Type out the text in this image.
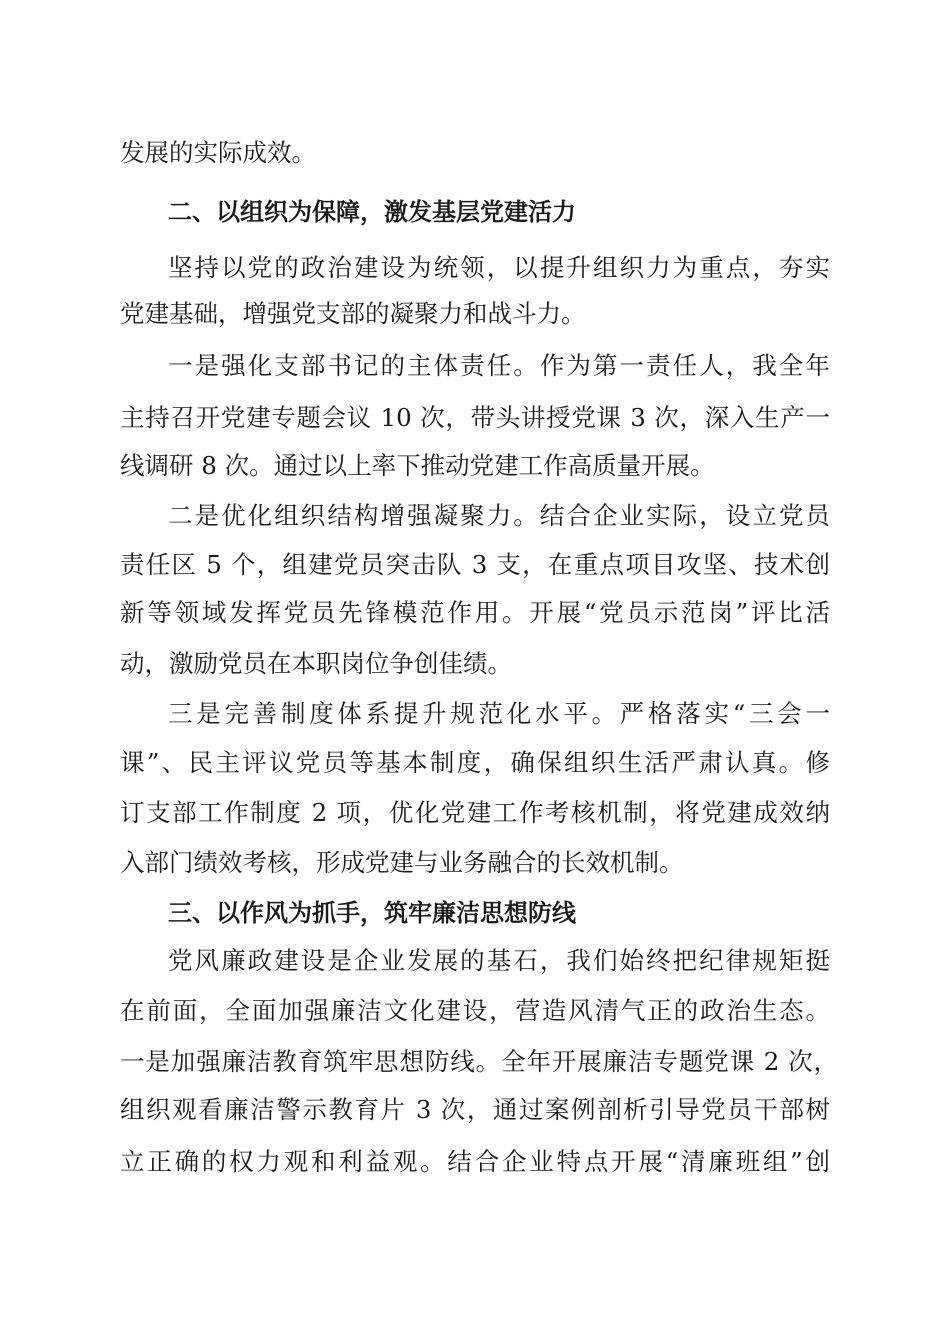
发展的实际成效。
二、以组织为保障，激发基层党建活力
坚持以党的政治建设为统领，以提升组织力为重点，夯实
党建基础，增强党支部的凝聚力和战斗力。
一是强化支部书记的主体责任。作为第一责任人，我全年
主持召开党建专题会议 10 次，带头讲授党课 3 次，深入生产一
线调研 8 次。通过以上率下推动党建工作高质量开展。
二是优化组织结构增强凝聚力。结合企业实际，设立党员
责任区 5 个，组建党员突击队 3 支，在重点项目攻坚、技术创
新等领域发挥党员先锋模范作用。开展“党员示范岗”评比活
动，激励党员在本职岗位争创佳绩。
三是完善制度体系提升规范化水平。严格落实“三会一
课”、民主评议党员等基本制度，确保组织生活严肃认真。修
订支部工作制度 2 项，优化党建工作考核机制，将党建成效纳
入部门绩效考核，形成党建与业务融合的长效机制。
三、以作风为抓手，筑牢廉洁思想防线
党风廉政建设是企业发展的基石，我们始终把纪律规矩挺
在前面，全面加强廉洁文化建设，营造风清气正的政治生态。
一是加强廉洁教育筑牢思想防线。全年开展廉洁专题党课 2 次，
组织观看廉洁警示教育片 3 次，通过案例剖析引导党员干部树
立正确的权力观和利益观。结合企业特点开展“清廉班组”创
